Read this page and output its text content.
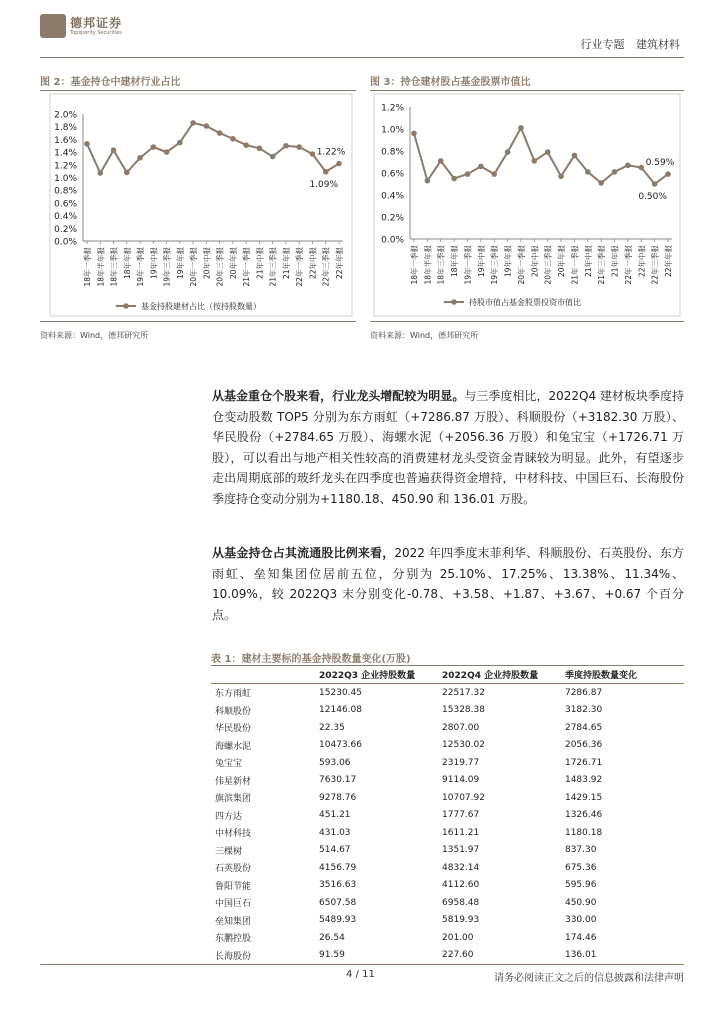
德邦证券
Topsperity Securities
行业专题 建筑材料
图 2：基金持仓中建材行业占比
0.0%
0.2%
0.4%
0.6%
0.8%
1.0%
1.2%
1.4%
1.6%
1.8%
2.0%
18年一季报 18年半年报 18年三季报 18年年报 19年一季报 19年中报 19年三季报 19年年报 20年一季报 20年中报 20年三季报 20年年报 21年一季报 21年中报 21年三季报 21年年报 22年一季报 22年中报 22年三季报 22年年报
1.22%
1.09%
基金持股建材占比（按持股数量）
资料来源：Wind，德邦研究所
图 3：持仓建材股占基金股票市值比
0.0%
0.2%
0.4%
0.6%
0.8%
1.0%
1.2%
18年一季报 18年半年报 18年三季报 18年年报 19年一季报 19年中报 19年三季报 19年年报 20年一季报 20年中报 20年三季报 20年年报 21年一季报 21年中报 21年三季报 21年年报 22年一季报 22年中报 22年三季报 22年年报
0.59%
0.50%
持股市值占基金股票投资市值比
资料来源：Wind，德邦研究所
从基金重仓个股来看，行业龙头增配较为明显。与三季度相比，2022Q4 建材板块季度持仓变动股数 TOP5 分别为东方雨虹（+7286.87 万股）、科顺股份（+3182.30 万股）、华民股份（+2784.65 万股）、海螺水泥（+2056.36 万股）和兔宝宝（+1726.71 万股），可以看出与地产相关性较高的消费建材龙头受资金青睐较为明显。此外，有望逐步走出周期底部的玻纤龙头在四季度也普遍获得资金增持，中材科技、中国巨石、长海股份季度持仓变动分别为+1180.18、450.90 和 136.01 万股。
从基金持仓占其流通股比例来看，2022 年四季度末菲利华、科顺股份、石英股份、东方雨虹、垒知集团位居前五位，分别为 25.10%、17.25%、13.38%、11.34%、10.09%，较 2022Q3 末分别变化-0.78、+3.58、+1.87、+3.67、+0.67 个百分点。
表 1：建材主要标的基金持股数量变化(万股)
	2022Q3 企业持股数量	2022Q4 企业持股数量	季度持股数量变化
东方雨虹	15230.45	22517.32	7286.87
科顺股份	12146.08	15328.38	3182.30
华民股份	22.35	2807.00	2784.65
海螺水泥	10473.66	12530.02	2056.36
兔宝宝	593.06	2319.77	1726.71
伟星新材	7630.17	9114.09	1483.92
旗滨集团	9278.76	10707.92	1429.15
四方达	451.21	1777.67	1326.46
中材科技	431.03	1611.21	1180.18
三棵树	514.67	1351.97	837.30
石英股份	4156.79	4832.14	675.36
鲁阳节能	3516.63	4112.60	595.96
中国巨石	6507.58	6958.48	450.90
垒知集团	5489.93	5819.93	330.00
东鹏控股	26.54	201.00	174.46
长海股份	91.59	227.60	136.01
4 / 11	请务必阅读正文之后的信息披露和法律声明
